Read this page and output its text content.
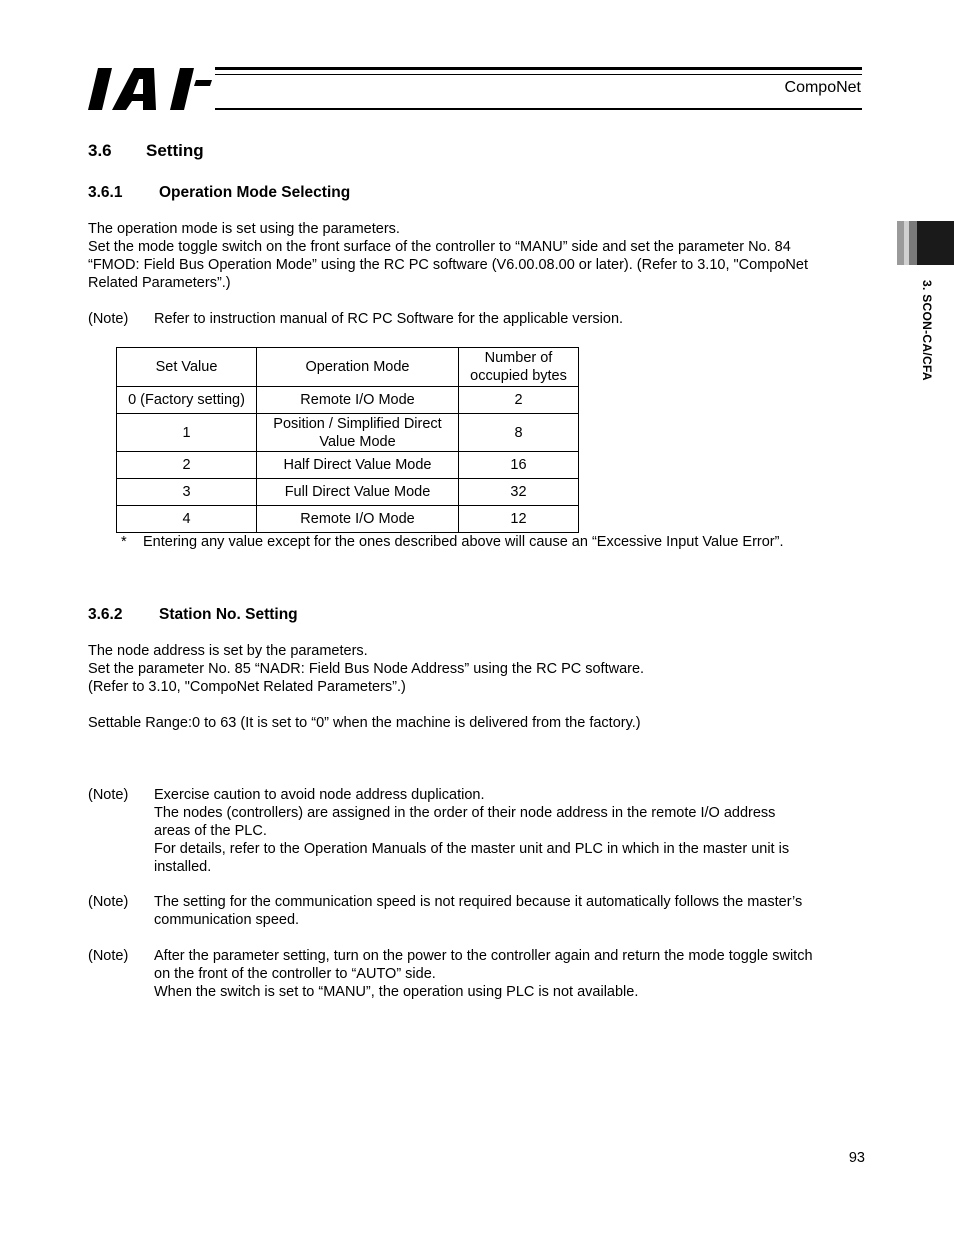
CompoNet
3. SCON-CA/CFA
3.6 Setting
3.6.1 Operation Mode Selecting
The operation mode is set using the parameters.
Set the mode toggle switch on the front surface of the controller to “MANU” side and set the parameter No. 84
“FMOD: Field Bus Operation Mode” using the RC PC software (V6.00.08.00 or later). (Refer to 3.10, "CompoNet
Related Parameters”.)
(Note) Refer to instruction manual of RC PC Software for the applicable version.
Set Value	Operation Mode	Number of occupied bytes
0 (Factory setting)	Remote I/O Mode	2
1	Position / Simplified Direct Value Mode	8
2	Half Direct Value Mode	16
3	Full Direct Value Mode	32
4	Remote I/O Mode	12
* Entering any value except for the ones described above will cause an “Excessive Input Value Error”.
3.6.2 Station No. Setting
The node address is set by the parameters.
Set the parameter No. 85 “NADR: Field Bus Node Address” using the RC PC software.
(Refer to 3.10, "CompoNet Related Parameters”.)
Settable Range:0 to 63 (It is set to “0” when the machine is delivered from the factory.)
(Note) Exercise caution to avoid node address duplication.
The nodes (controllers) are assigned in the order of their node address in the remote I/O address
areas of the PLC.
For details, refer to the Operation Manuals of the master unit and PLC in which in the master unit is
installed.
(Note) The setting for the communication speed is not required because it automatically follows the master’s
communication speed.
(Note) After the parameter setting, turn on the power to the controller again and return the mode toggle switch
on the front of the controller to “AUTO” side.
When the switch is set to “MANU”, the operation using PLC is not available.
93
